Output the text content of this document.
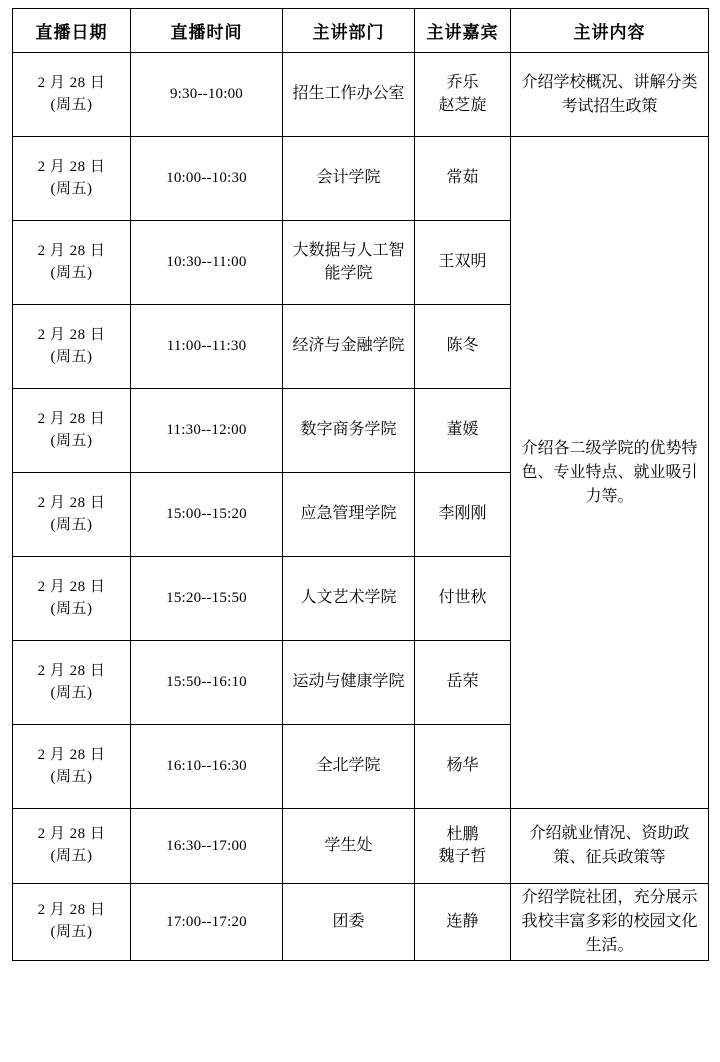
直播日期	直播时间	主讲部门	主讲嘉宾	主讲内容

2 月 28 日
(周五)	9:30--10:00	招生工作办公室	乔乐
赵芝旋	介绍学校概况、讲解分类考试招生政策

2 月 28 日
(周五)	10:00--10:30	会计学院	常茹	介绍各二级学院的优势特色、专业特点、就业吸引力等。

2 月 28 日
(周五)	10:30--11:00	大数据与人工智能学院	王双明	

2 月 28 日
(周五)	11:00--11:30	经济与金融学院	陈冬	

2 月 28 日
(周五)	11:30--12:00	数字商务学院	董媛	

2 月 28 日
(周五)	15:00--15:20	应急管理学院	李刚刚	

2 月 28 日
(周五)	15:20--15:50	人文艺术学院	付世秋	

2 月 28 日
(周五)	15:50--16:10	运动与健康学院	岳荣	

2 月 28 日
(周五)	16:10--16:30	全北学院	杨华	

2 月 28 日
(周五)	16:30--17:00	学生处	杜鹏
魏子哲	介绍就业情况、资助政策、征兵政策等

2 月 28 日
(周五)	17:00--17:20	团委	连静	介绍学院社团，充分展示我校丰富多彩的校园文化生活。
